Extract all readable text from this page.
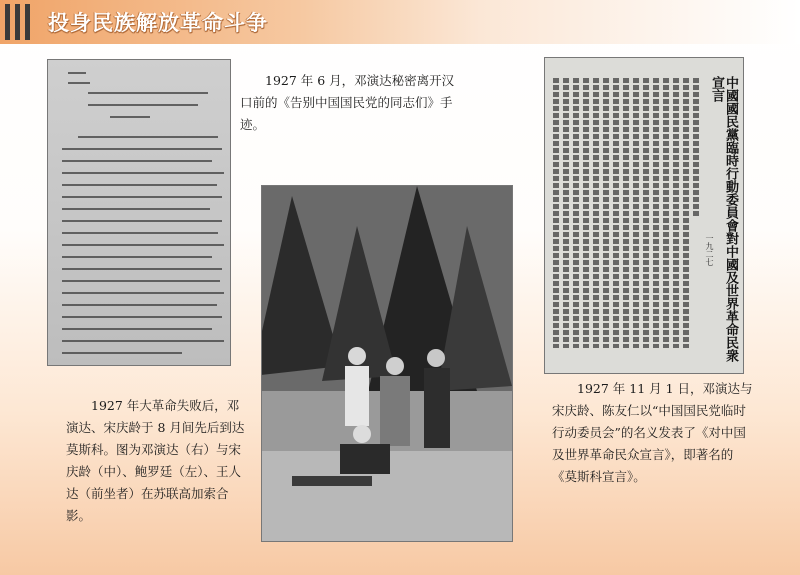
投身民族解放革命斗争
1927 年 6 月，邓演达秘密离开汉口前的《告别中国国民党的同志们》手迹。	中國國民黨臨時行動委員會對中國及世界革命民衆宣言
一九二七
1927 年 11 月 1 日，邓演达与宋庆龄、陈友仁以“中国国民党临时行动委员会”的名义发表了《对中国及世界革命民众宣言》，即著名的《莫斯科宣言》。
1927 年大革命失败后，邓演达、宋庆龄于 8 月间先后到达莫斯科。图为邓演达（右）与宋庆龄（中）、鲍罗廷（左）、王人达（前坐者）在苏联高加索合影。
